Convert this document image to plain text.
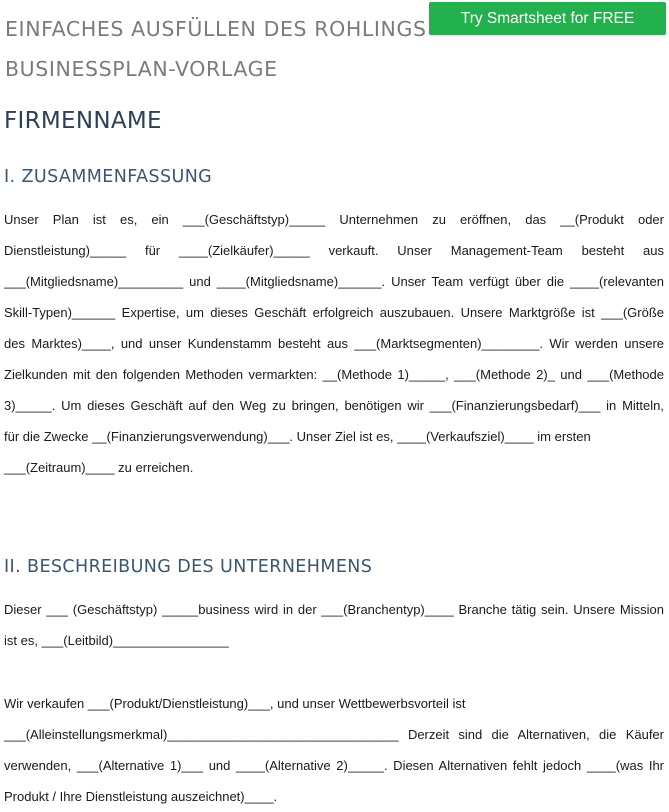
EINFACHES AUSFÜLLEN DES ROHLINGS
BUSINESSPLAN-VORLAGE
Try Smartsheet for FREE
FIRMENNAME
I. ZUSAMMENFASSUNG

Unser Plan ist es, ein ___(Geschäftstyp)_____ Unternehmen zu eröffnen, das __(Produkt oder
Dienstleistung)_____ für ____(Zielkäufer)_____ verkauft. Unser Management-Team besteht aus
___(Mitgliedsname)_________ und ____(Mitgliedsname)______. Unser Team verfügt über die ____(relevanten
Skill-Typen)______ Expertise, um dieses Geschäft erfolgreich auszubauen. Unsere Marktgröße ist ___(Größe
des Marktes)____, und unser Kundenstamm besteht aus ___(Marktsegmenten)________. Wir werden unsere
Zielkunden mit den folgenden Methoden vermarkten: __(Methode 1)_____, ___(Methode 2)_ und ___(Methode
3)_____. Um dieses Geschäft auf den Weg zu bringen, benötigen wir ___(Finanzierungsbedarf)___ in Mitteln,
für die Zwecke __(Finanzierungsverwendung)___. Unser Ziel ist es, ____(Verkaufsziel)____ im ersten
___(Zeitraum)____ zu erreichen.

II. BESCHREIBUNG DES UNTERNEHMENS

Dieser ___ (Geschäftstyp) _____business wird in der ___(Branchentyp)____ Branche tätig sein. Unsere Mission
ist es, ___(Leitbild)________________

Wir verkaufen ___(Produkt/Dienstleistung)___, und unser Wettbewerbsvorteil ist
___(Alleinstellungsmerkmal)________________________________ Derzeit sind die Alternativen, die Käufer
verwenden, ___(Alternative 1)___ und ____(Alternative 2)_____. Diesen Alternativen fehlt jedoch ____(was Ihr
Produkt / Ihre Dienstleistung auszeichnet)____.
